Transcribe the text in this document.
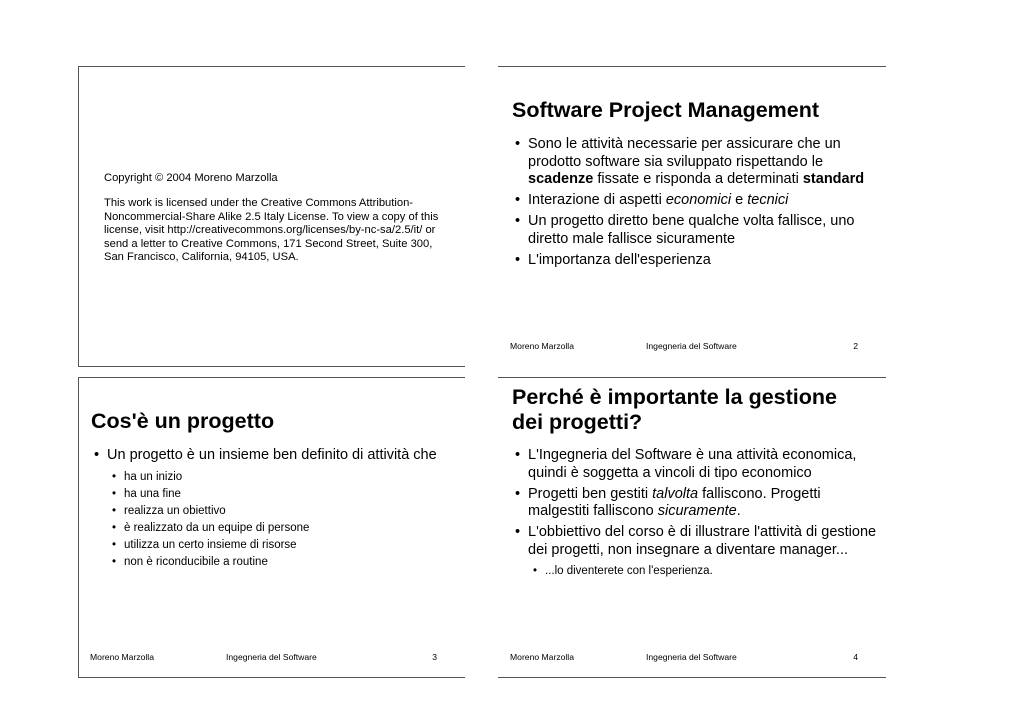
Copyright © 2004 Moreno Marzolla

This work is licensed under the Creative Commons Attribution-Noncommercial-Share Alike 2.5 Italy License. To view a copy of this license, visit http://creativecommons.org/licenses/by-nc-sa/2.5/it/ or send a letter to Creative Commons, 171 Second Street, Suite 300, San Francisco, California, 94105, USA.

Software Project Management
• Sono le attività necessarie per assicurare che un prodotto software sia sviluppato rispettando le scadenze fissate e risponda a determinati standard
• Interazione di aspetti economici e tecnici
• Un progetto diretto bene qualche volta fallisce, uno diretto male fallisce sicuramente
• L'importanza dell'esperienza
Moreno Marzolla	Ingegneria del Software	2
Cos'è un progetto
• Un progetto è un insieme ben definito di attività che
• ha un inizio
• ha una fine
• realizza un obiettivo
• è realizzato da un equipe di persone
• utilizza un certo insieme di risorse
• non è riconducibile a routine
Moreno Marzolla	Ingegneria del Software	3
Perché è importante la gestione dei progetti?
• L'Ingegneria del Software è una attività economica, quindi è soggetta a vincoli di tipo economico
• Progetti ben gestiti talvolta falliscono. Progetti malgestiti falliscono sicuramente.
• L'obbiettivo del corso è di illustrare l'attività di gestione dei progetti, non insegnare a diventare manager...
• ...lo diventerete con l'esperienza.
Moreno Marzolla	Ingegneria del Software	4
